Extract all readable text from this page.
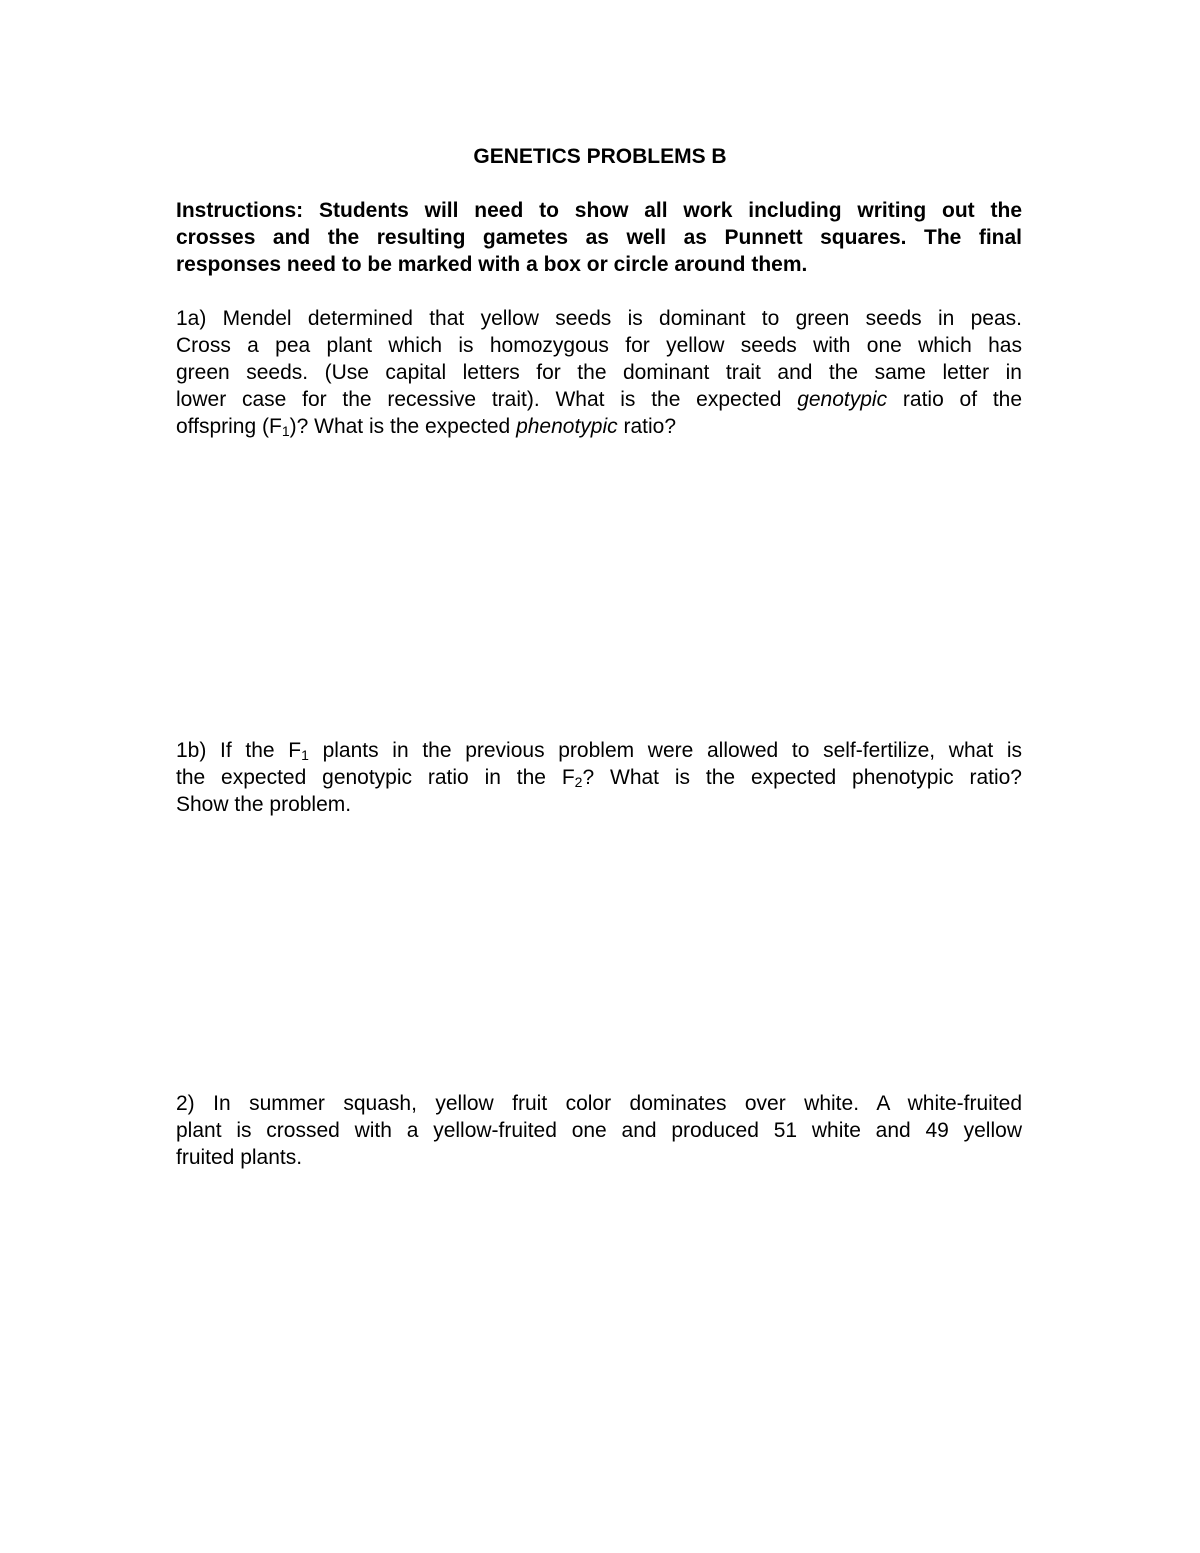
GENETICS PROBLEMS B
Instructions: Students will need to show all work including writing out the
crosses and the resulting gametes as well as Punnett squares. The final
responses need to be marked with a box or circle around them.
1a) Mendel determined that yellow seeds is dominant to green seeds in peas.
Cross a pea plant which is homozygous for yellow seeds with one which has
green seeds. (Use capital letters for the dominant trait and the same letter in
lower case for the recessive trait). What is the expected genotypic ratio of the
offspring $(F_1)$? What is the expected phenotypic ratio?
1b) If the $F_1$ plants in the previous problem were allowed to self-fertilize, what is
the expected genotypic ratio in the $F_2$? What is the expected phenotypic ratio?
Show the problem.
2) In summer squash, yellow fruit color dominates over white. A white-fruited
plant is crossed with a yellow-fruited one and produced 51 white and 49 yellow
fruited plants.
